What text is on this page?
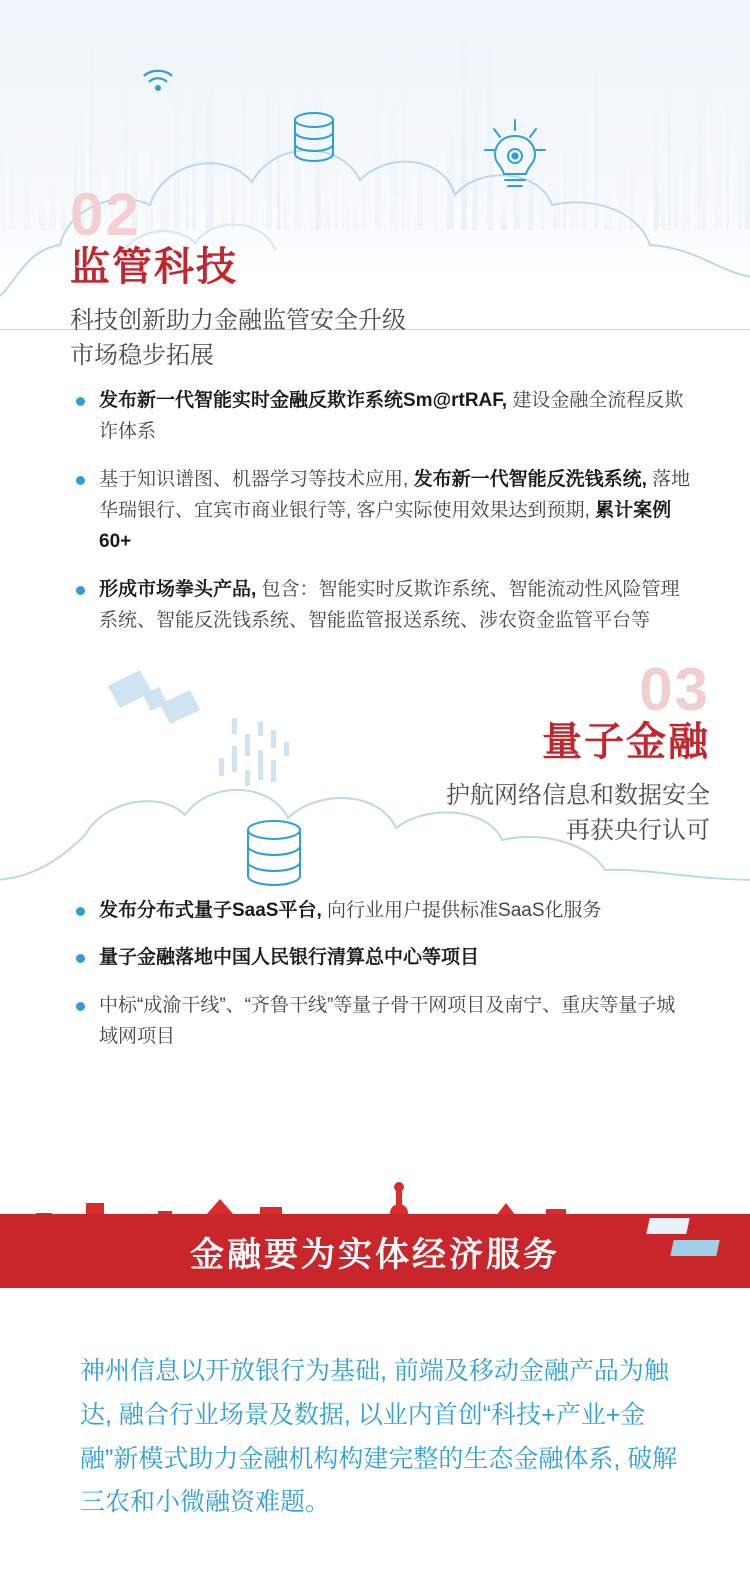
02
监管科技
科技创新助力金融监管安全升级
市场稳步拓展
发布新一代智能实时金融反欺诈系统Sm@rtRAF, 建设金融全流程反欺诈体系
基于知识谱图、机器学习等技术应用, 发布新一代智能反洗钱系统, 落地华瑞银行、宜宾市商业银行等, 客户实际使用效果达到预期, 累计案例60+
形成市场拳头产品, 包含：智能实时反欺诈系统、智能流动性风险管理系统、智能反洗钱系统、智能监管报送系统、涉农资金监管平台等
03
量子金融
护航网络信息和数据安全
再获央行认可
发布分布式量子SaaS平台, 向行业用户提供标准SaaS化服务
量子金融落地中国人民银行清算总中心等项目
中标“成渝干线”、“齐鲁干线”等量子骨干网项目及南宁、重庆等量子城域网项目
金融要为实体经济服务
神州信息以开放银行为基础, 前端及移动金融产品为触达, 融合行业场景及数据, 以业内首创“科技+产业+金融”新模式助力金融机构构建完整的生态金融体系, 破解三农和小微融资难题。
